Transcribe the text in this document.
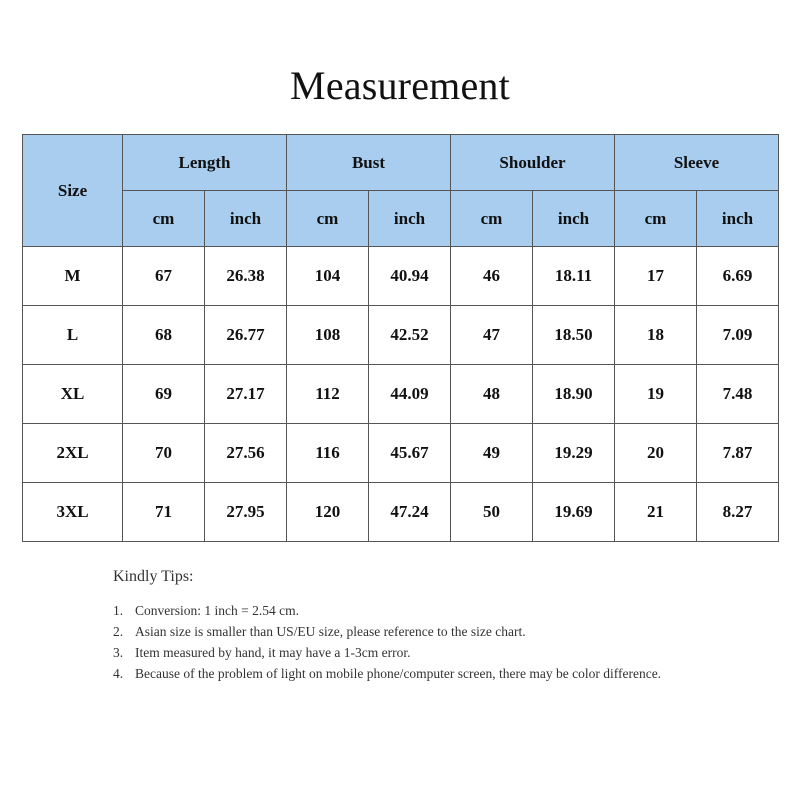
Measurement
Size	Length		Bust		Shoulder		Sleeve	
	cm	inch	cm	inch	cm	inch	cm	inch
M	67	26.38	104	40.94	46	18.11	17	6.69
L	68	26.77	108	42.52	47	18.50	18	7.09
XL	69	27.17	112	44.09	48	18.90	19	7.48
2XL	70	27.56	116	45.67	49	19.29	20	7.87
3XL	71	27.95	120	47.24	50	19.69	21	8.27
Kindly Tips:
1. Conversion: 1 inch = 2.54 cm.
2. Asian size is smaller than US/EU size, please reference to the size chart.
3. Item measured by hand, it may have a 1-3cm error.
4. Because of the problem of light on mobile phone/computer screen, there may be color difference.
